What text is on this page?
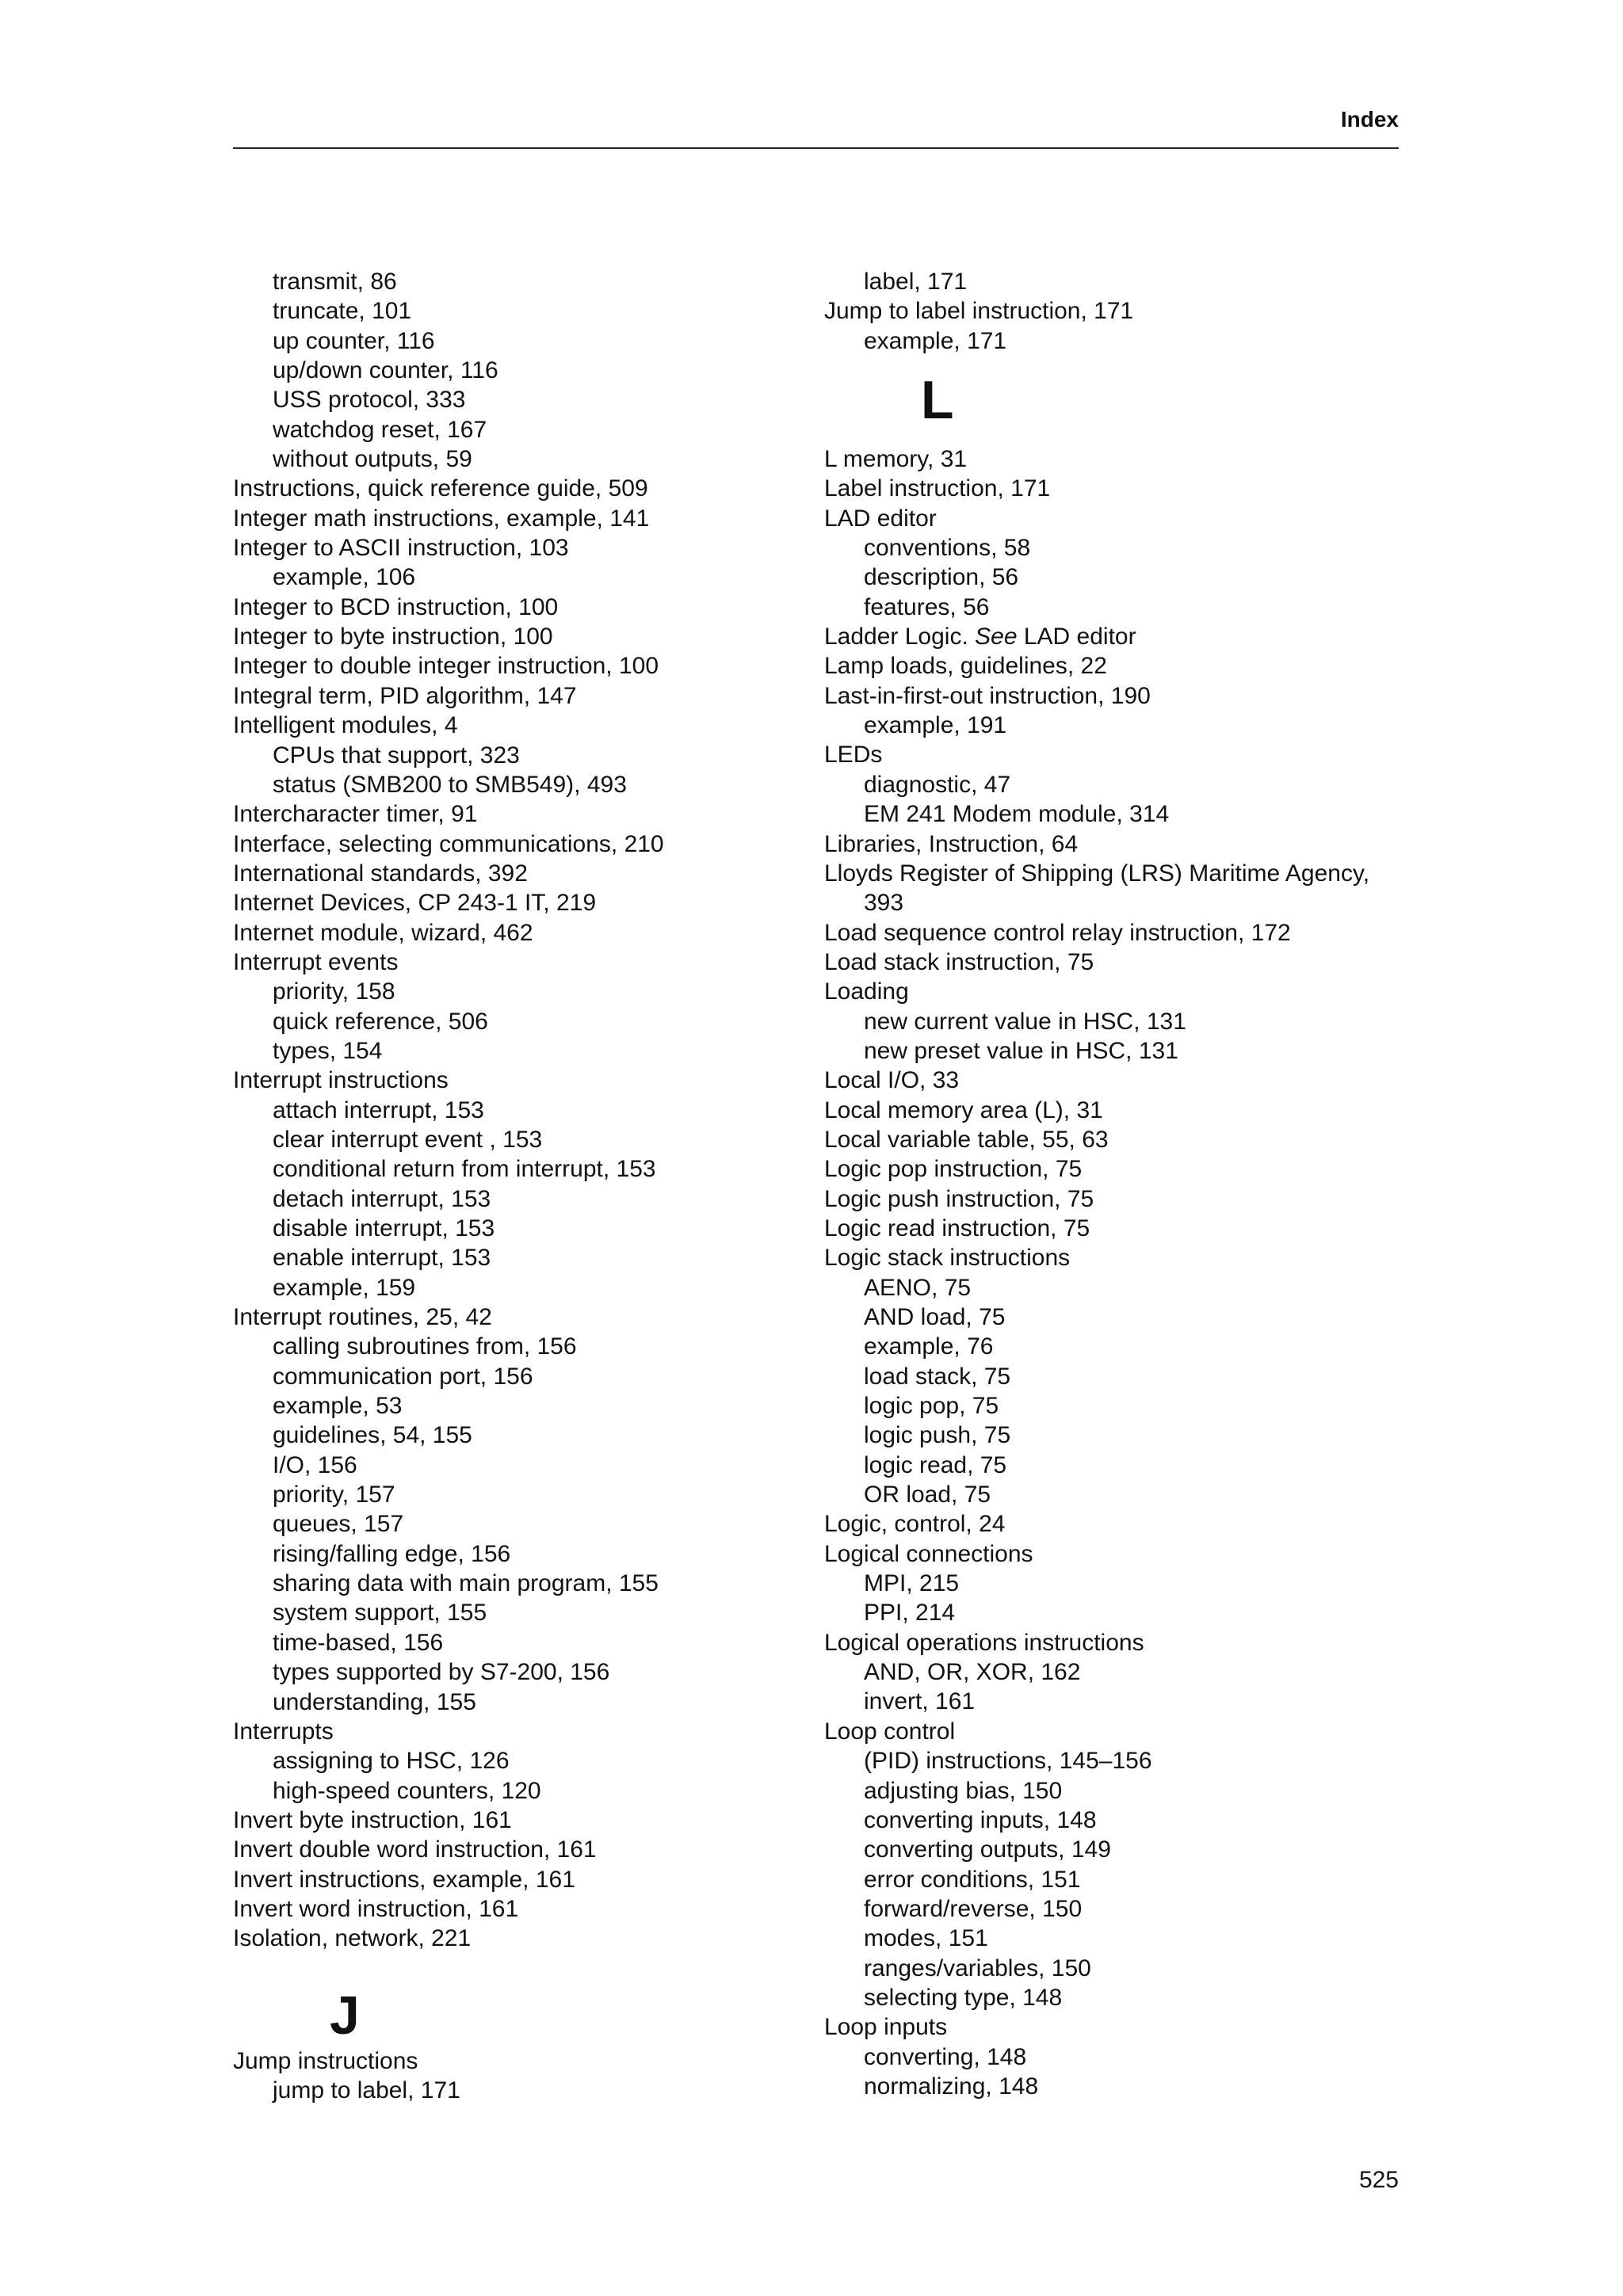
Index
transmit, 86
truncate, 101
up counter, 116
up/down counter, 116
USS protocol, 333
watchdog reset, 167
without outputs, 59
Instructions, quick reference guide, 509
Integer math instructions, example, 141
Integer to ASCII instruction, 103
example, 106
Integer to BCD instruction, 100
Integer to byte instruction, 100
Integer to double integer instruction, 100
Integral term, PID algorithm, 147
Intelligent modules, 4
CPUs that support, 323
status (SMB200 to SMB549), 493
Intercharacter timer, 91
Interface, selecting communications, 210
International standards, 392
Internet Devices, CP 243-1 IT, 219
Internet module, wizard, 462
Interrupt events
priority, 158
quick reference, 506
types, 154
Interrupt instructions
attach interrupt, 153
clear interrupt event , 153
conditional return from interrupt, 153
detach interrupt, 153
disable interrupt, 153
enable interrupt, 153
example, 159
Interrupt routines, 25, 42
calling subroutines from, 156
communication port, 156
example, 53
guidelines, 54, 155
I/O, 156
priority, 157
queues, 157
rising/falling edge, 156
sharing data with main program, 155
system support, 155
time-based, 156
types supported by S7-200, 156
understanding, 155
Interrupts
assigning to HSC, 126
high-speed counters, 120
Invert byte instruction, 161
Invert double word instruction, 161
Invert instructions, example, 161
Invert word instruction, 161
Isolation, network, 221
J
Jump instructions
jump to label, 171
label, 171
Jump to label instruction, 171
example, 171
L
L memory, 31
Label instruction, 171
LAD editor
conventions, 58
description, 56
features, 56
Ladder Logic. See LAD editor
Lamp loads, guidelines, 22
Last-in-first-out instruction, 190
example, 191
LEDs
diagnostic, 47
EM 241 Modem module, 314
Libraries, Instruction, 64
Lloyds Register of Shipping (LRS) Maritime Agency,
393
Load sequence control relay instruction, 172
Load stack instruction, 75
Loading
new current value in HSC, 131
new preset value in HSC, 131
Local I/O, 33
Local memory area (L), 31
Local variable table, 55, 63
Logic pop instruction, 75
Logic push instruction, 75
Logic read instruction, 75
Logic stack instructions
AENO, 75
AND load, 75
example, 76
load stack, 75
logic pop, 75
logic push, 75
logic read, 75
OR load, 75
Logic, control, 24
Logical connections
MPI, 215
PPI, 214
Logical operations instructions
AND, OR, XOR, 162
invert, 161
Loop control
(PID) instructions, 145–156
adjusting bias, 150
converting inputs, 148
converting outputs, 149
error conditions, 151
forward/reverse, 150
modes, 151
ranges/variables, 150
selecting type, 148
Loop inputs
converting, 148
normalizing, 148
525
